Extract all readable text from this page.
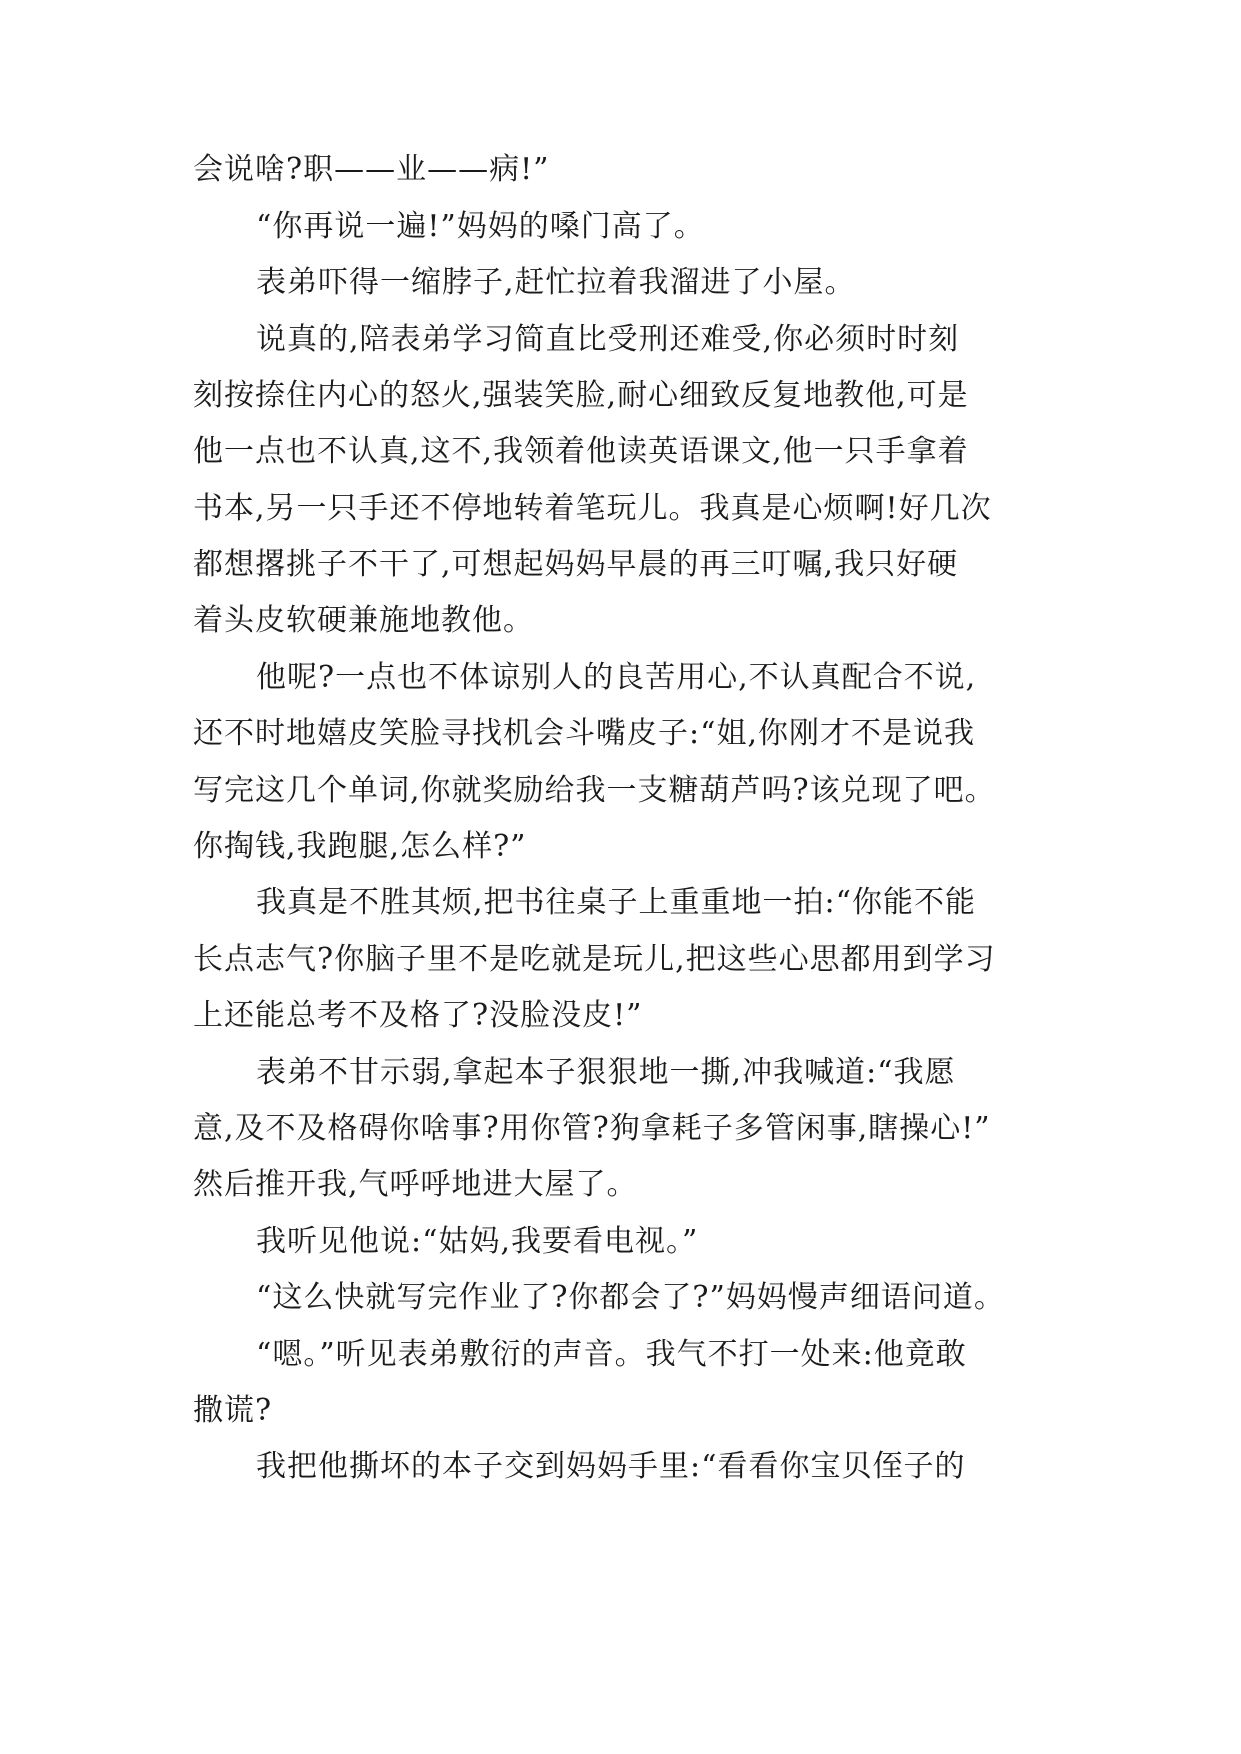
会说啥?职——业——病!”
“你再说一遍!”妈妈的嗓门高了。
表弟吓得一缩脖子,赶忙拉着我溜进了小屋。
说真的,陪表弟学习简直比受刑还难受,你必须时时刻
刻按捺住内心的怒火,强装笑脸,耐心细致反复地教他,可是
他一点也不认真,这不,我领着他读英语课文,他一只手拿着
书本,另一只手还不停地转着笔玩儿。我真是心烦啊!好几次
都想撂挑子不干了,可想起妈妈早晨的再三叮嘱,我只好硬
着头皮软硬兼施地教他。
他呢?一点也不体谅别人的良苦用心,不认真配合不说,
还不时地嬉皮笑脸寻找机会斗嘴皮子:“姐,你刚才不是说我
写完这几个单词,你就奖励给我一支糖葫芦吗?该兑现了吧。
你掏钱,我跑腿,怎么样?”
我真是不胜其烦,把书往桌子上重重地一拍:“你能不能
长点志气?你脑子里不是吃就是玩儿,把这些心思都用到学习
上还能总考不及格了?没脸没皮!”
表弟不甘示弱,拿起本子狠狠地一撕,冲我喊道:“我愿
意,及不及格碍你啥事?用你管?狗拿耗子多管闲事,瞎操心!”
然后推开我,气呼呼地进大屋了。
我听见他说:“姑妈,我要看电视。”
“这么快就写完作业了?你都会了?”妈妈慢声细语问道。
“嗯。”听见表弟敷衍的声音。我气不打一处来:他竟敢
撒谎?
我把他撕坏的本子交到妈妈手里:“看看你宝贝侄子的
